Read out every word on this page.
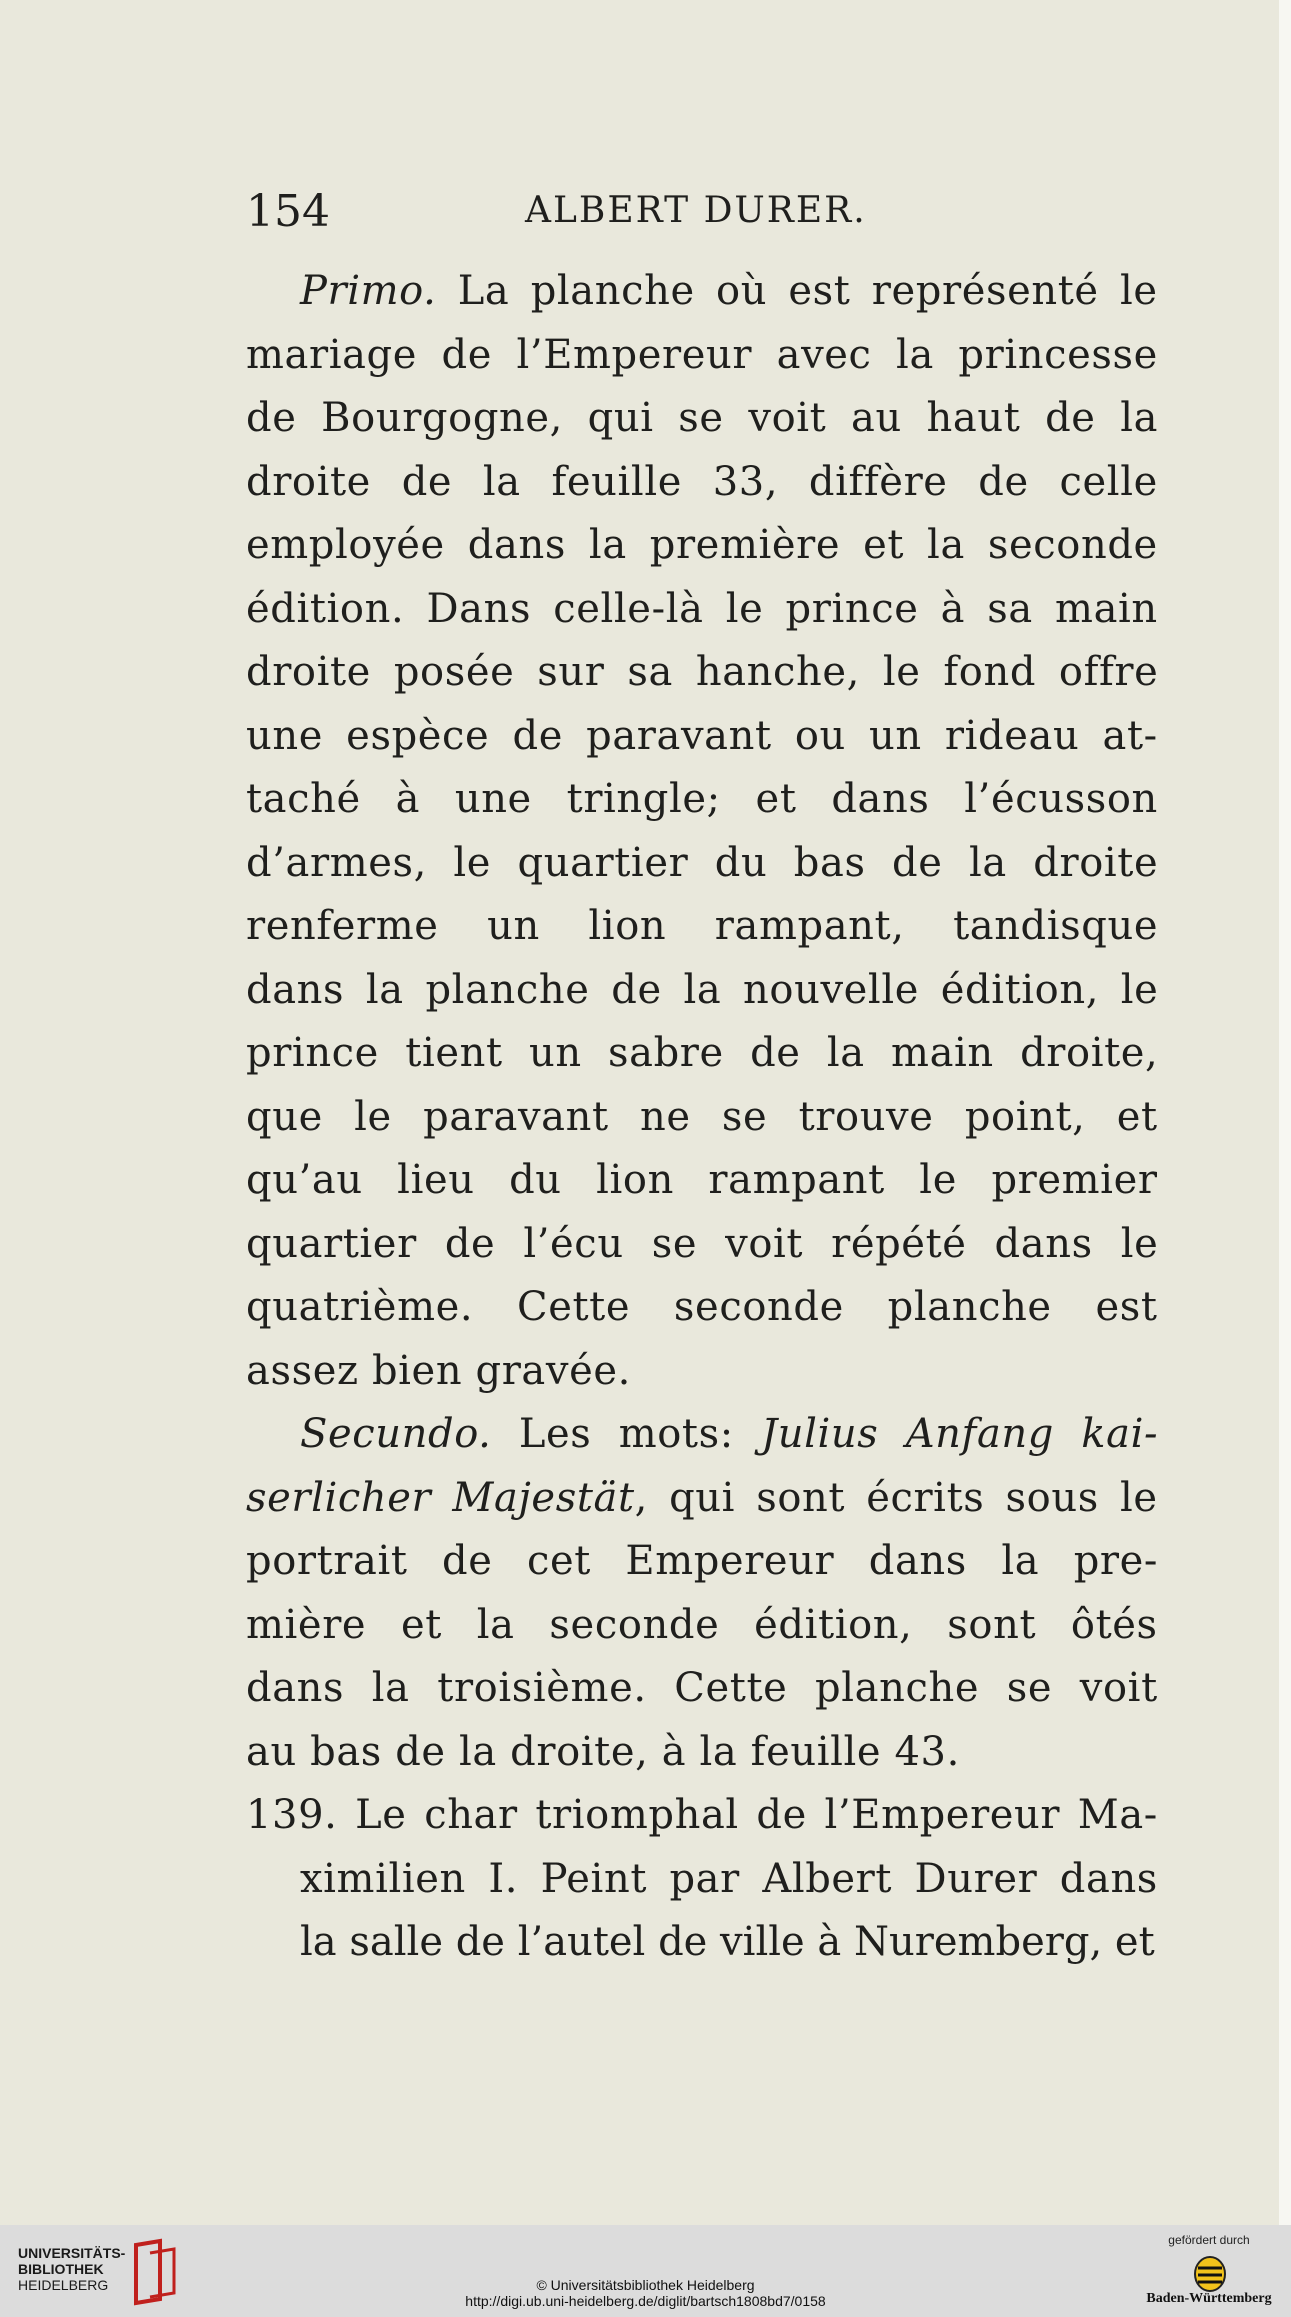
154	ALBERT DURER.
Primo. La planche où est représenté le
mariage de l’Empereur avec la princesse
de Bourgogne, qui se voit au haut de la
droite de la feuille 33, diffère de celle
employée dans la première et la seconde
édition. Dans celle-là le prince à sa main
droite posée sur sa hanche, le fond offre
une espèce de paravant ou un rideau at-
taché à une tringle; et dans l’écusson
d’armes, le quartier du bas de la droite
renferme un lion rampant, tandisque
dans la planche de la nouvelle édition, le
prince tient un sabre de la main droite,
que le paravant ne se trouve point, et
qu’au lieu du lion rampant le premier
quartier de l’écu se voit répété dans le
quatrième. Cette seconde planche est
assez bien gravée.
Secundo. Les mots: Julius Anfang kai-
serlicher Majestät, qui sont écrits sous le
portrait de cet Empereur dans la pre-
mière et la seconde édition, sont ôtés
dans la troisième. Cette planche se voit
au bas de la droite, à la feuille 43.
139. Le char triomphal de l’Empereur Ma-
ximilien I. Peint par Albert Durer dans
la salle de l’autel de ville à Nuremberg, et
UNIVERSITÄTS-
BIBLIOTHEK
HEIDELBERG	© Universitätsbibliothek Heidelberg
http://digi.ub.uni-heidelberg.de/diglit/bartsch1808bd7/0158
gefördert durch
Baden-Württemberg
